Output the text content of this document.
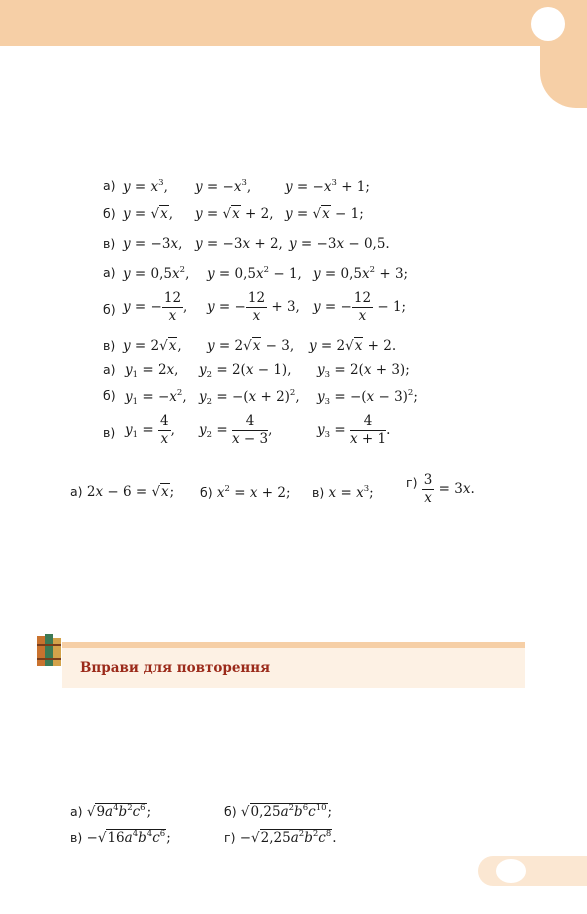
а) $y = x^3$, $y = -x^3$,	$y = -x^3 + 1$;
б) y = √x, y = √x + 2, y = √x − 1;
в) y = −3x, y = −3x + 2, y = −3x − 0,5.
а) $y = 0,5x^2$, $y = 0,5x^2 - 1$, $y = 0,5x^2 + 3$;
б) y = − $\frac{12}{x}$ , y = − $\frac{12}{x} + 3$, y = − $\frac{12}{x} - 1$;
в) y = 2√x, y = 2√x − 3, y = 2√x + 2.
а) $y_1 = 2x$, $y_2 = 2(x - 1)$, $y_3 = 2(x + 3)$;
б) $y_1 = -x^2$, $y_2 = -(x + 2)^2$, $y_3 = -(x - 3)^2$;
в) $y_1 = \frac{4}{x}$ , $y_2 = \frac{4}{x - 3}$ ,	$y_3 = \frac{4}{x + 1}$ .
а) 2x − 6 = √x; б) $x^2 = x + 2$; в) $x = x^3$;
$г) \frac{3}{x} = 3x$.
Вправи для повторення
а) $√9a^4b^2c^6$;	б) $√0,25a^2b^6c^{10}$;
$в) -√16a^4b^4c^6$;	$г) -√2,25a^2b^2c^8$.
